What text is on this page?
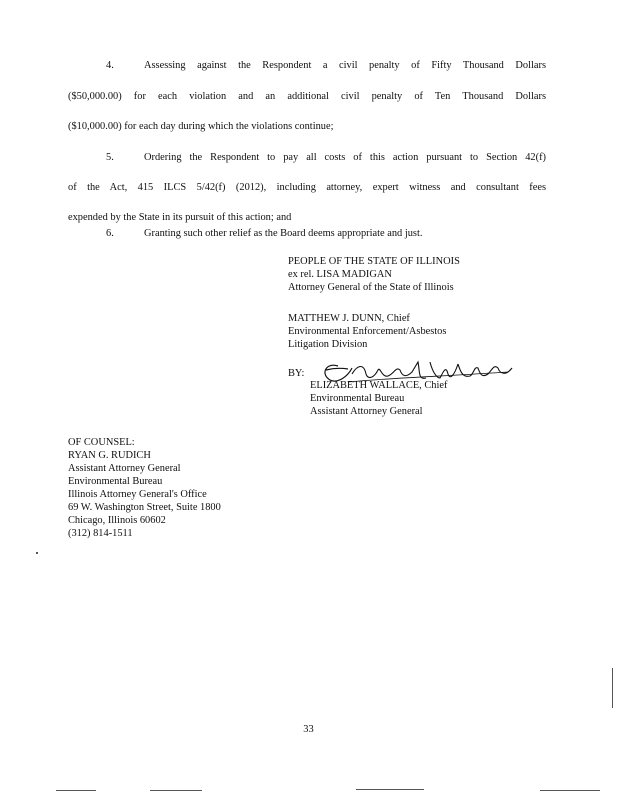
4.	Assessing against the Respondent a civil penalty of Fifty Thousand Dollars
($50,000.00) for each violation and an additional civil penalty of Ten Thousand Dollars
($10,000.00) for each day during which the violations continue;
5.	Ordering the Respondent to pay all costs of this action pursuant to Section 42(f)
of the Act, 415 ILCS 5/42(f) (2012), including attorney, expert witness and consultant fees
expended by the State in its pursuit of this action; and
6.	Granting such other relief as the Board deems appropriate and just.
PEOPLE OF THE STATE OF ILLINOIS
ex rel. LISA MADIGAN
Attorney General of the State of Illinois
MATTHEW J. DUNN, Chief
Environmental Enforcement/Asbestos
Litigation Division
BY:
ELIZABETH WALLACE, Chief
Environmental Bureau
Assistant Attorney General
OF COUNSEL:
RYAN G. RUDICH
Assistant Attorney General
Environmental Bureau
Illinois Attorney General's Office
69 W. Washington Street, Suite 1800
Chicago, Illinois 60602
(312) 814-1511
33
